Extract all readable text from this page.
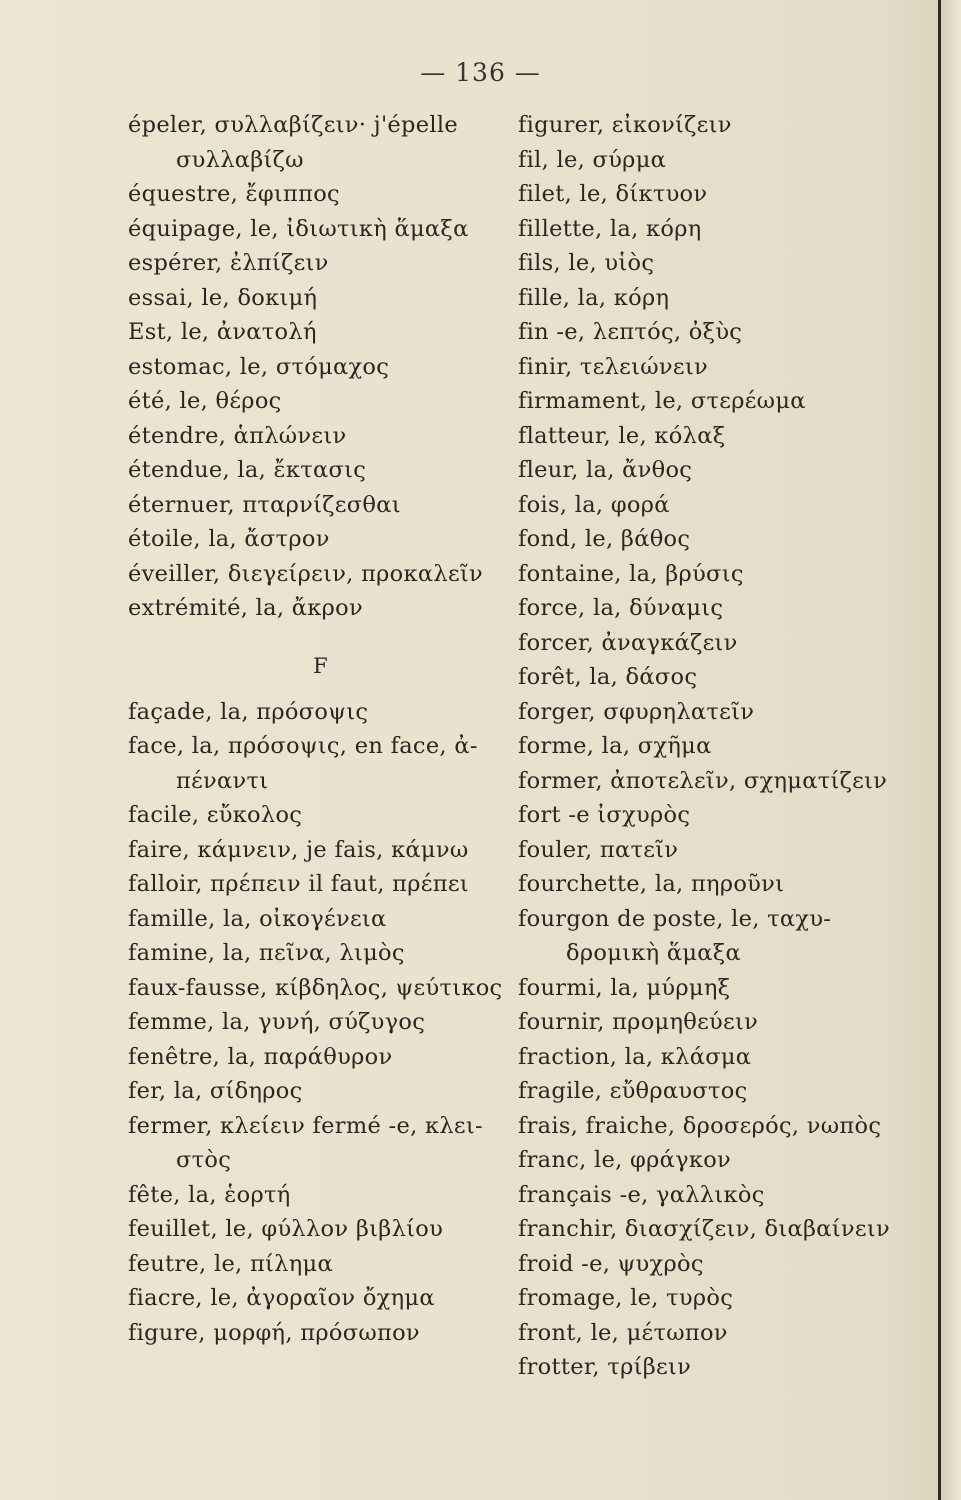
— 136 —
épeler, συλλαβίζειν· j'épelle
συλλαβίζω
équestre, ἔφιππος
équipage, le, ἰδιωτικὴ ἅμαξα
espérer, ἐλπίζειν
essai, le, δοκιμή
Est, le, ἀνατολή
estomac, le, στόμαχος
été, le, θέρος
étendre, ἁπλώνειν
étendue, la, ἔκτασις
éternuer, πταρνίζεσθαι
étoile, la, ἄστρον
éveiller, διεγείρειν, προκαλεῖν
extrémité, la, ἄκρον
F
façade, la, πρόσοψις
face, la, πρόσοψις, en face, ἀ-
πέναντι
facile, εὔκολος
faire, κάμνειν, je fais, κάμνω
falloir, πρέπειν il faut, πρέπει
famille, la, οἰκογένεια
famine, la, πεῖνα, λιμὸς
faux-fausse, κίβδηλος, ψεύτικος
femme, la, γυνή, σύζυγος
fenêtre, la, παράθυρον
fer, la, σίδηρος
fermer, κλείειν fermé -e, κλει-
στὸς
fête, la, ἑορτή
feuillet, le, φύλλον βιβλίου
feutre, le, πίλημα
fiacre, le, ἀγοραῖον ὄχημα
figure, μορφή, πρόσωπον
figurer, εἰκονίζειν
fil, le, σύρμα
filet, le, δίκτυον
fillette, la, κόρη
fils, le, υἱὸς
fille, la, κόρη
fin -e, λεπτός, ὀξὺς
finir, τελειώνειν
firmament, le, στερέωμα
flatteur, le, κόλαξ
fleur, la, ἄνθος
fois, la, φορά
fond, le, βάθος
fontaine, la, βρύσις
force, la, δύναμις
forcer, ἀναγκάζειν
forêt, la, δάσος
forger, σφυρηλατεῖν
forme, la, σχῆμα
former, ἀποτελεῖν, σχηματίζειν
fort -e ἰσχυρὸς
fouler, πατεῖν
fourchette, la, πηροῦνι
fourgon de poste, le, ταχυ-
δρομικὴ ἅμαξα
fourmi, la, μύρμηξ
fournir, προμηθεύειν
fraction, la, κλάσμα
fragile, εὔθραυστος
frais, fraiche, δροσερός, νωπὸς
franc, le, φράγκον
français -e, γαλλικὸς
franchir, διασχίζειν, διαβαίνειν
froid -e, ψυχρὸς
fromage, le, τυρὸς
front, le, μέτωπον
frotter, τρίβειν
